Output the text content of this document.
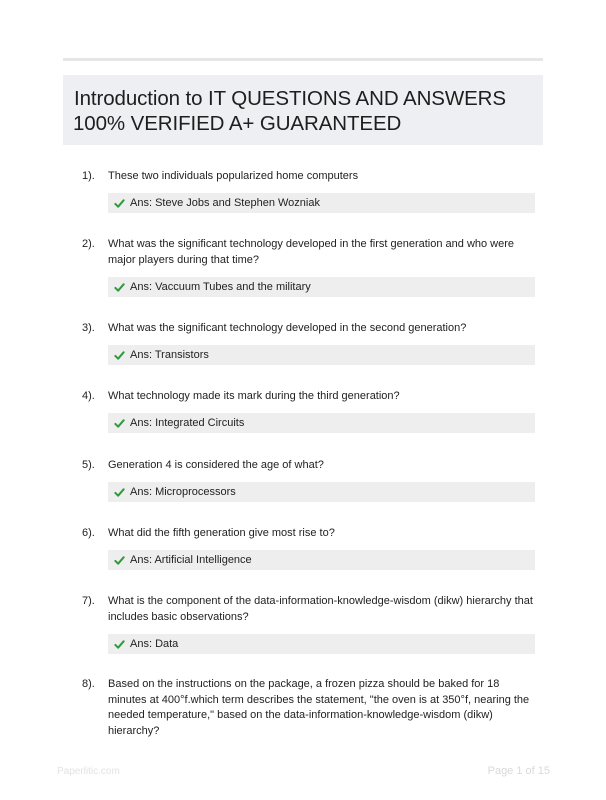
Introduction to IT QUESTIONS AND ANSWERS
100% VERIFIED A+ GUARANTEED
1). These two individuals popularized home computers
Ans: Steve Jobs and Stephen Wozniak
2). What was the significant technology developed in the first generation and who were major players during that time?
Ans: Vaccuum Tubes and the military
3). What was the significant technology developed in the second generation?
Ans: Transistors
4). What technology made its mark during the third generation?
Ans: Integrated Circuits
5). Generation 4 is considered the age of what?
Ans: Microprocessors
6). What did the fifth generation give most rise to?
Ans: Artificial Intelligence
7). What is the component of the data-information-knowledge-wisdom (dikw) hierarchy that includes basic observations?
Ans: Data
8). Based on the instructions on the package, a frozen pizza should be baked for 18 minutes at 400°f.which term describes the statement, "the oven is at 350°f, nearing the needed temperature," based on the data-information-knowledge-wisdom (dikw) hierarchy?
Paperlitic.com	Page 1 of 15
